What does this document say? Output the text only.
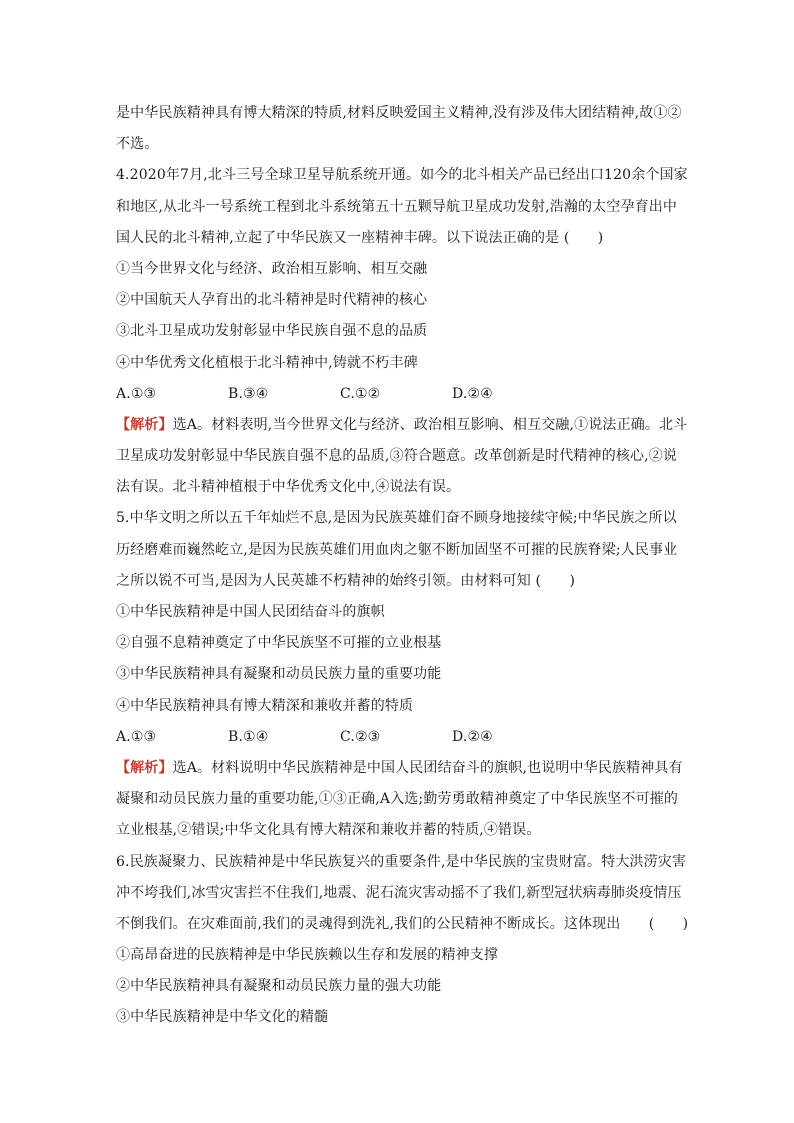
是中华民族精神具有博大精深的特质,材料反映爱国主义精神,没有涉及伟大团结精神,故①②
不选。
4.2020年7月,北斗三号全球卫星导航系统开通。如今的北斗相关产品已经出口120余个国家
和地区,从北斗一号系统工程到北斗系统第五十五颗导航卫星成功发射,浩瀚的太空孕育出中
国人民的北斗精神,立起了中华民族又一座精神丰碑。以下说法正确的是 (　　)
①当今世界文化与经济、政治相互影响、相互交融
②中国航天人孕育出的北斗精神是时代精神的核心
③北斗卫星成功发射彰显中华民族自强不息的品质
④中华优秀文化植根于北斗精神中,铸就不朽丰碑
A.①③	B.③④	C.①②	D.②④
【解析】选A。材料表明,当今世界文化与经济、政治相互影响、相互交融,①说法正确。北斗
卫星成功发射彰显中华民族自强不息的品质,③符合题意。改革创新是时代精神的核心,②说
法有误。北斗精神植根于中华优秀文化中,④说法有误。
5.中华文明之所以五千年灿烂不息,是因为民族英雄们奋不顾身地接续守候;中华民族之所以
历经磨难而巍然屹立,是因为民族英雄们用血肉之躯不断加固坚不可摧的民族脊梁;人民事业
之所以锐不可当,是因为人民英雄不朽精神的始终引领。由材料可知 (　　)
①中华民族精神是中国人民团结奋斗的旗帜
②自强不息精神奠定了中华民族坚不可摧的立业根基
③中华民族精神具有凝聚和动员民族力量的重要功能
④中华民族精神具有博大精深和兼收并蓄的特质
A.①③	B.①④	C.②③	D.②④
【解析】选A。材料说明中华民族精神是中国人民团结奋斗的旗帜,也说明中华民族精神具有
凝聚和动员民族力量的重要功能,①③正确,A入选;勤劳勇敢精神奠定了中华民族坚不可摧的
立业根基,②错误;中华文化具有博大精深和兼收并蓄的特质,④错误。
6.民族凝聚力、民族精神是中华民族复兴的重要条件,是中华民族的宝贵财富。特大洪涝灾害
冲不垮我们,冰雪灾害拦不住我们,地震、泥石流灾害动摇不了我们,新型冠状病毒肺炎疫情压
不倒我们。在灾难面前,我们的灵魂得到洗礼,我们的公民精神不断成长。这体现出　　(　　)
①高昂奋进的民族精神是中华民族赖以生存和发展的精神支撑
②中华民族精神具有凝聚和动员民族力量的强大功能
③中华民族精神是中华文化的精髓
